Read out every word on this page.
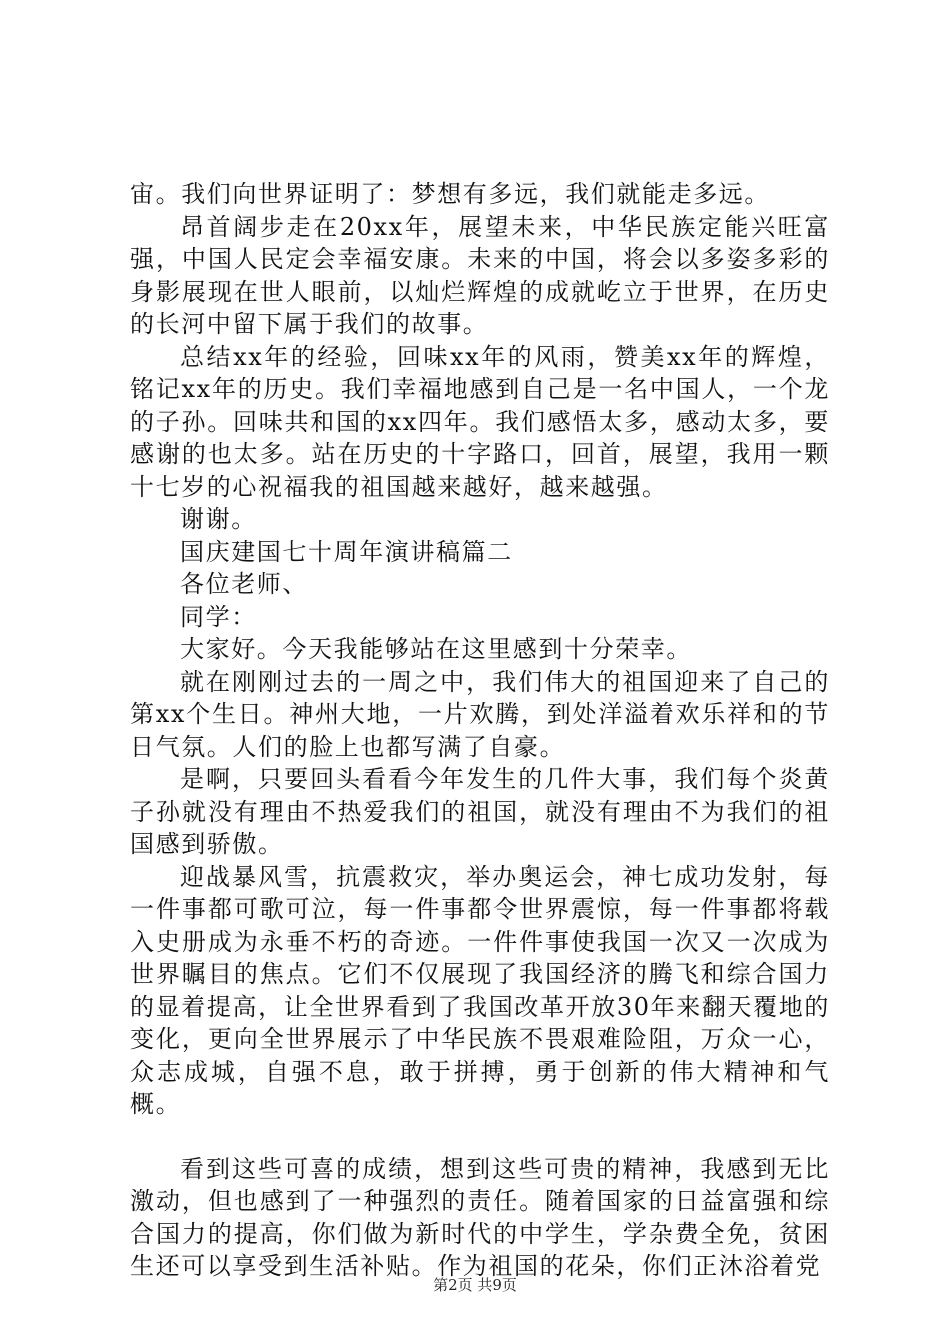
宙。我们向世界证明了：梦想有多远，我们就能走多远。

昂首阔步走在20xx年，展望未来，中华民族定能兴旺富强，中国人民定会幸福安康。未来的中国，将会以多姿多彩的身影展现在世人眼前，以灿烂辉煌的成就屹立于世界，在历史的长河中留下属于我们的故事。

总结xx年的经验，回味xx年的风雨，赞美xx年的辉煌，铭记xx年的历史。我们幸福地感到自己是一名中国人，一个龙的子孙。回味共和国的xx四年。我们感悟太多，感动太多，要感谢的也太多。站在历史的十字路口，回首，展望，我用一颗十七岁的心祝福我的祖国越来越好，越来越强。

谢谢。

国庆建国七十周年演讲稿篇二

各位老师、

同学：

大家好。今天我能够站在这里感到十分荣幸。

就在刚刚过去的一周之中，我们伟大的祖国迎来了自己的第xx个生日。神州大地，一片欢腾，到处洋溢着欢乐祥和的节日气氛。人们的脸上也都写满了自豪。

是啊，只要回头看看今年发生的几件大事，我们每个炎黄子孙就没有理由不热爱我们的祖国，就没有理由不为我们的祖国感到骄傲。

迎战暴风雪，抗震救灾，举办奥运会，神七成功发射，每一件事都可歌可泣，每一件事都令世界震惊，每一件事都将载入史册成为永垂不朽的奇迹。一件件事使我国一次又一次成为世界瞩目的焦点。它们不仅展现了我国经济的腾飞和综合国力的显着提高，让全世界看到了我国改革开放30年来翻天覆地的变化，更向全世界展示了中华民族不畏艰难险阻，万众一心，众志成城，自强不息，敢于拼搏，勇于创新的伟大精神和气概。

看到这些可喜的成绩，想到这些可贵的精神，我感到无比激动，但也感到了一种强烈的责任。随着国家的日益富强和综合国力的提高，你们做为新时代的中学生，学杂费全免，贫困生还可以享受到生活补贴。作为祖国的花朵，你们正沐浴着党

第2页 共9页
